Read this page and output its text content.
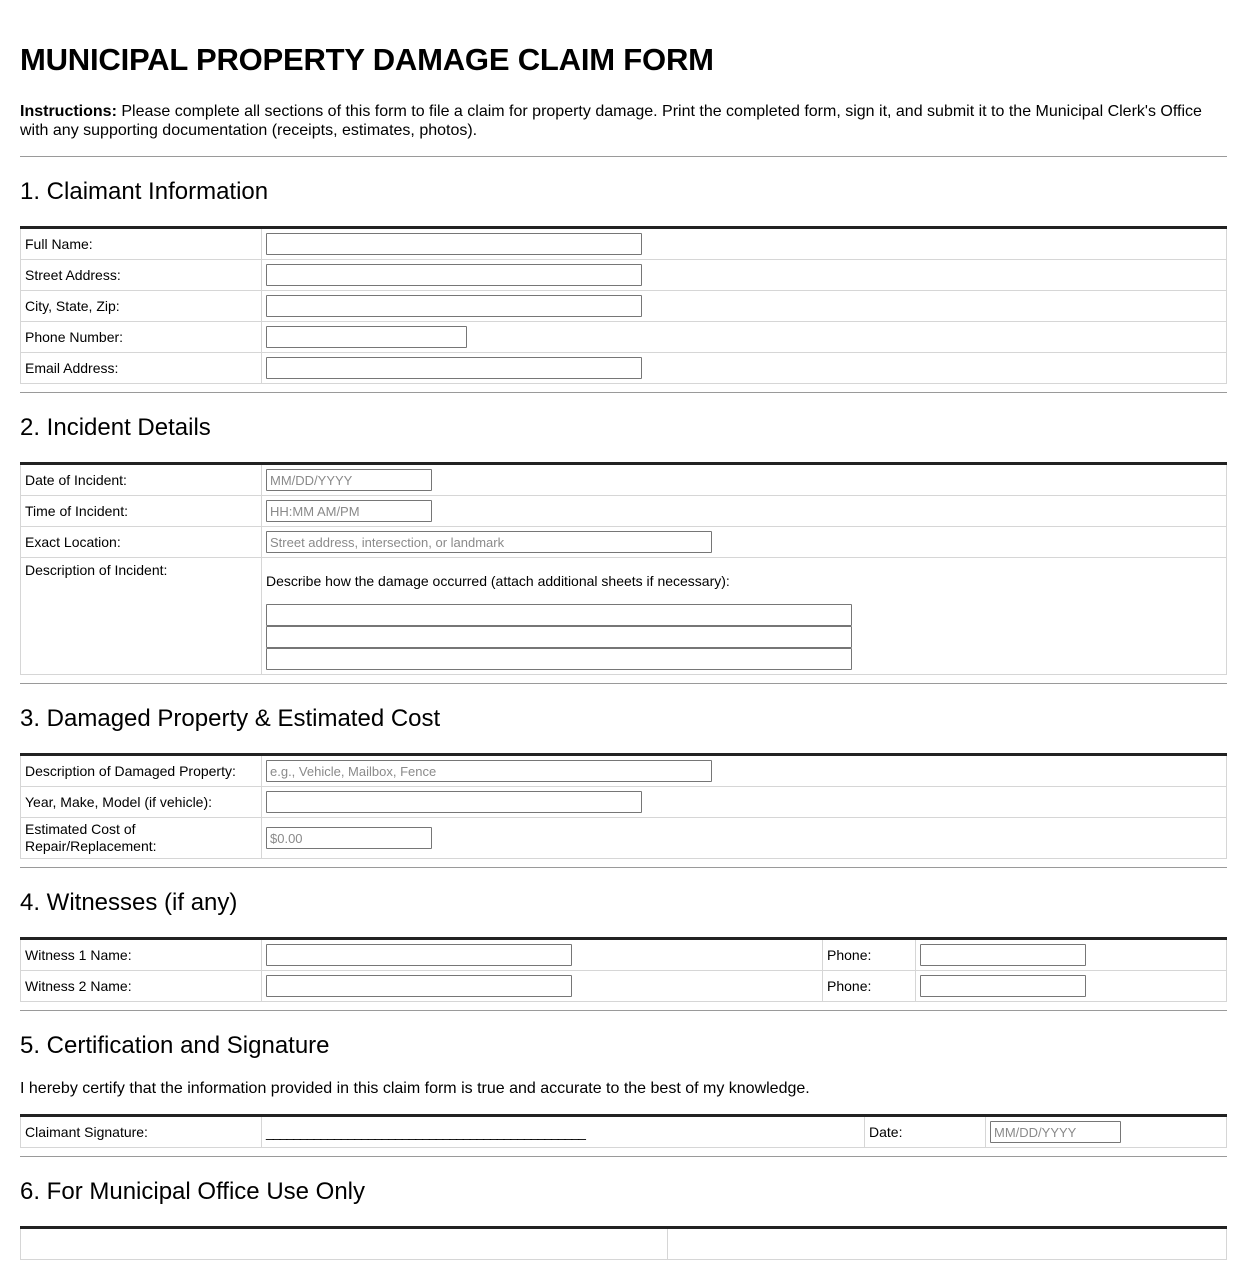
MUNICIPAL PROPERTY DAMAGE CLAIM FORM

Instructions: Please complete all sections of this form to file a claim for property damage. Print the completed form, sign it, and submit it to the Municipal Clerk's Office with any supporting documentation (receipts, estimates, photos).

1. Claimant Information
Full Name:	

Street Address:	

City, State, Zip:	

Phone Number:	

Email Address:	
2. Incident Details
Date of Incident:	
MM/DD/YYYY
Time of Incident:	
HH:MM AM/PM
Exact Location:	
Street address, intersection, or landmark
Description of Incident:	Describe how the damage occurred (attach additional sheets if necessary):
3. Damaged Property & Estimated Cost
Description of Damaged Property:	
e.g., Vehicle, Mailbox, Fence
Year, Make, Model (if vehicle):	

Estimated Cost of Repair/Replacement:	
$0.00
4. Witnesses (if any)
Witness 1 Name:		Phone:	

Witness 2 Name:		Phone:	
5. Certification and Signature

I hereby certify that the information provided in this claim form is true and accurate to the best of my knowledge.

Claimant Signature:	_______________________________________________	Date:	
MM/DD/YYYY
6. For Municipal Office Use Only
